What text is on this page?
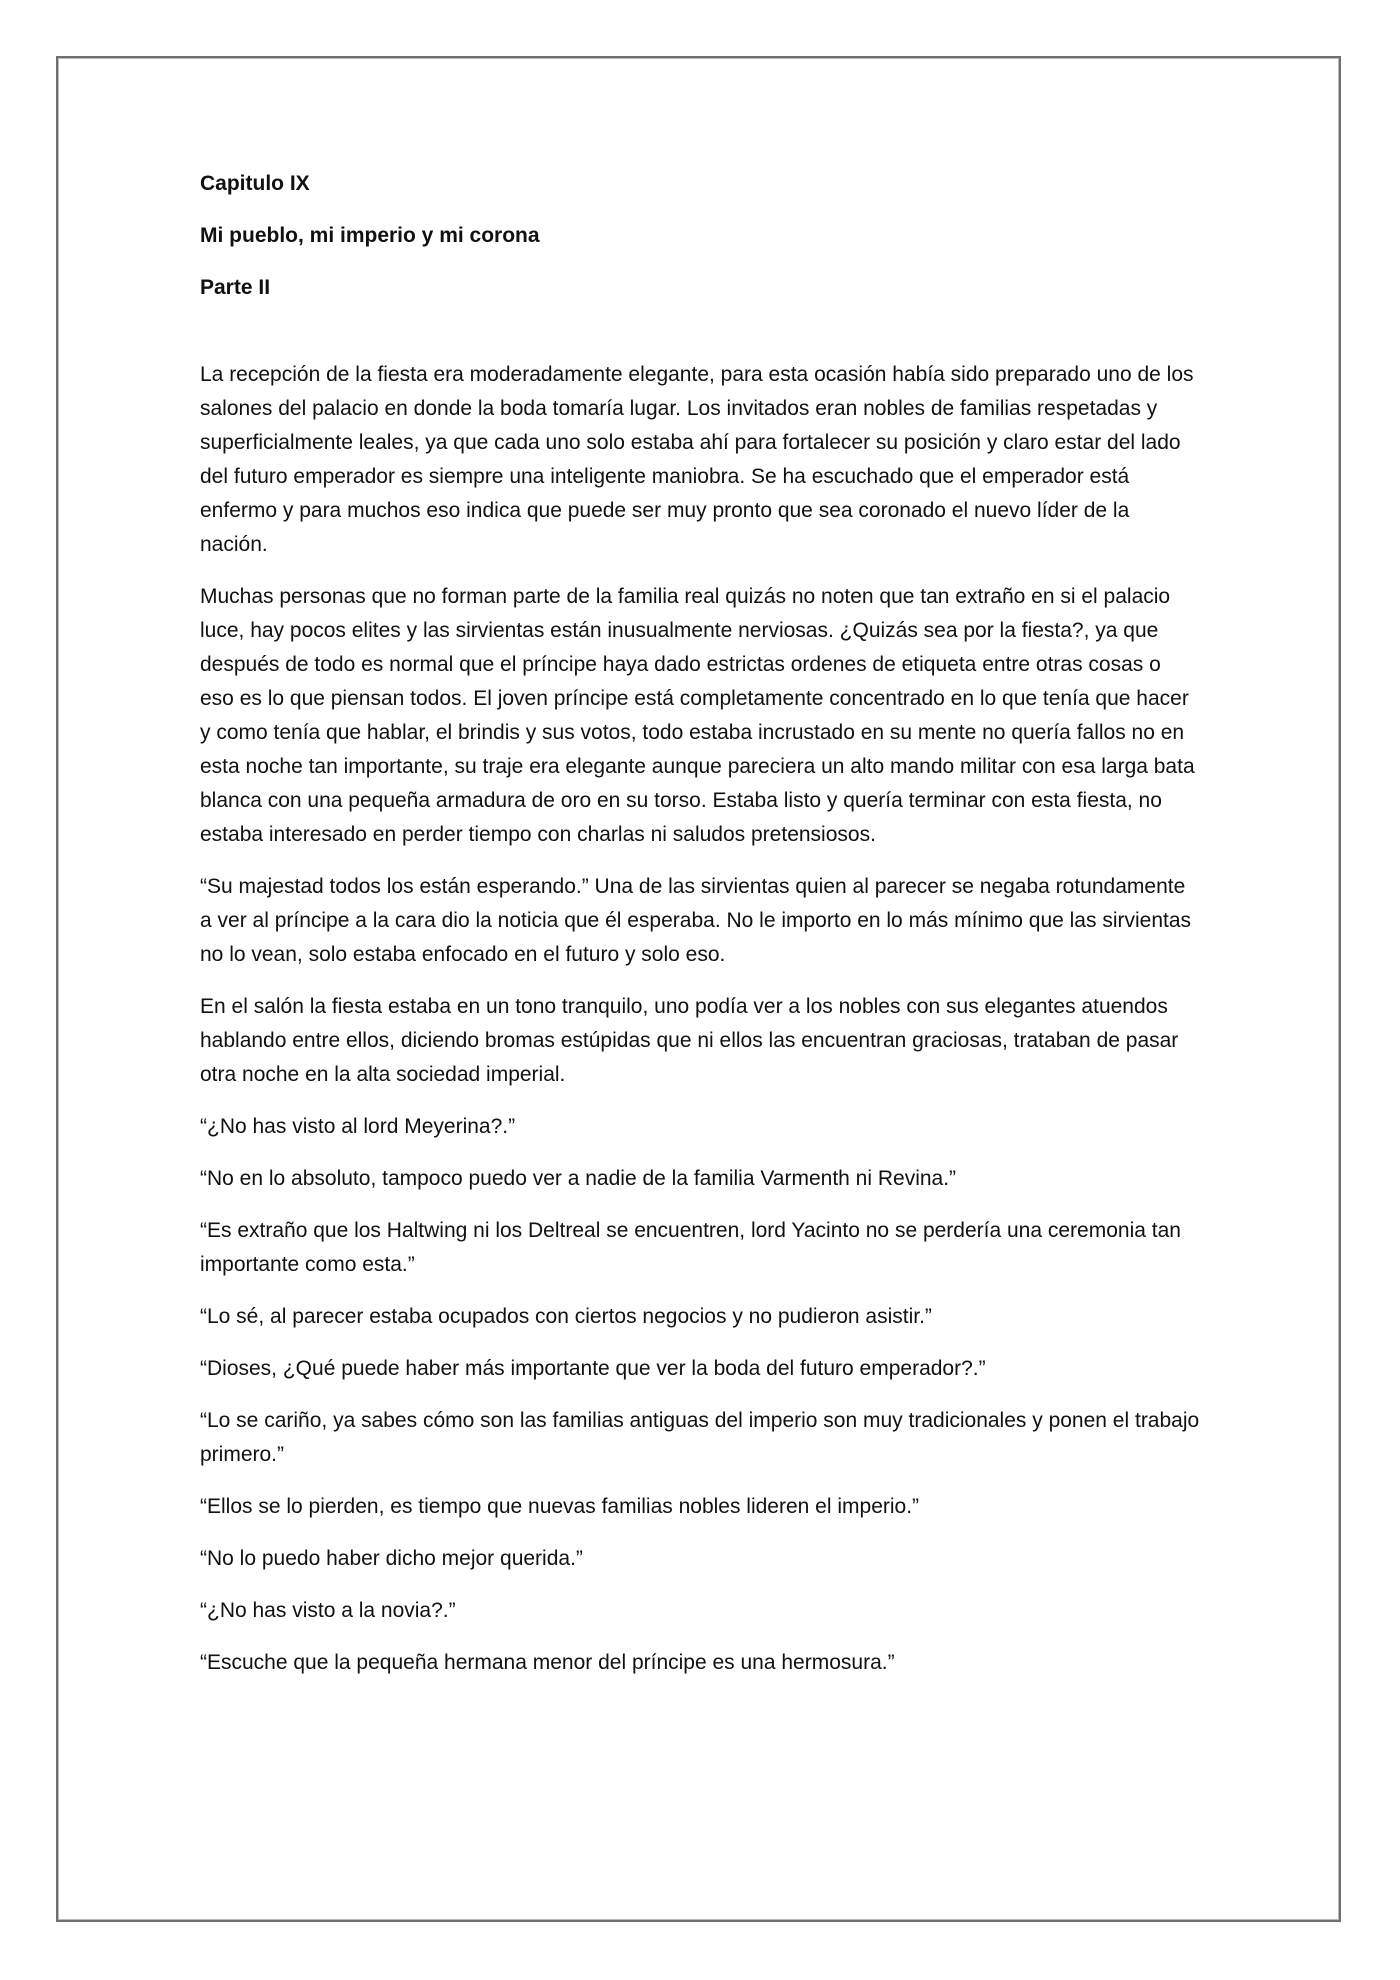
Capitulo IX
Mi pueblo, mi imperio y mi corona
Parte II

La recepción de la fiesta era moderadamente elegante, para esta ocasión había sido preparado uno de los salones del palacio en donde la boda tomaría lugar. Los invitados eran nobles de familias respetadas y superficialmente leales, ya que cada uno solo estaba ahí para fortalecer su posición y claro estar del lado del futuro emperador es siempre una inteligente maniobra. Se ha escuchado que el emperador está enfermo y para muchos eso indica que puede ser muy pronto que sea coronado el nuevo líder de la nación.

Muchas personas que no forman parte de la familia real quizás no noten que tan extraño en si el palacio luce, hay pocos elites y las sirvientas están inusualmente nerviosas. ¿Quizás sea por la fiesta?, ya que después de todo es normal que el príncipe haya dado estrictas ordenes de etiqueta entre otras cosas o eso es lo que piensan todos. El joven príncipe está completamente concentrado en lo que tenía que hacer y como tenía que hablar, el brindis y sus votos, todo estaba incrustado en su mente no quería fallos no en esta noche tan importante, su traje era elegante aunque pareciera un alto mando militar con esa larga bata blanca con una pequeña armadura de oro en su torso. Estaba listo y quería terminar con esta fiesta, no estaba interesado en perder tiempo con charlas ni saludos pretensiosos.

“Su majestad todos los están esperando.” Una de las sirvientas quien al parecer se negaba rotundamente a ver al príncipe a la cara dio la noticia que él esperaba. No le importo en lo más mínimo que las sirvientas no lo vean, solo estaba enfocado en el futuro y solo eso.

En el salón la fiesta estaba en un tono tranquilo, uno podía ver a los nobles con sus elegantes atuendos hablando entre ellos, diciendo bromas estúpidas que ni ellos las encuentran graciosas, trataban de pasar otra noche en la alta sociedad imperial.

“¿No has visto al lord Meyerina?.”

“No en lo absoluto, tampoco puedo ver a nadie de la familia Varmenth ni Revina.”

“Es extraño que los Haltwing ni los Deltreal se encuentren, lord Yacinto no se perdería una ceremonia tan importante como esta.”

“Lo sé, al parecer estaba ocupados con ciertos negocios y no pudieron asistir.”

“Dioses, ¿Qué puede haber más importante que ver la boda del futuro emperador?.”

“Lo se cariño, ya sabes cómo son las familias antiguas del imperio son muy tradicionales y ponen el trabajo primero.”

“Ellos se lo pierden, es tiempo que nuevas familias nobles lideren el imperio.”

“No lo puedo haber dicho mejor querida.”

“¿No has visto a la novia?.”

“Escuche que la pequeña hermana menor del príncipe es una hermosura.”
